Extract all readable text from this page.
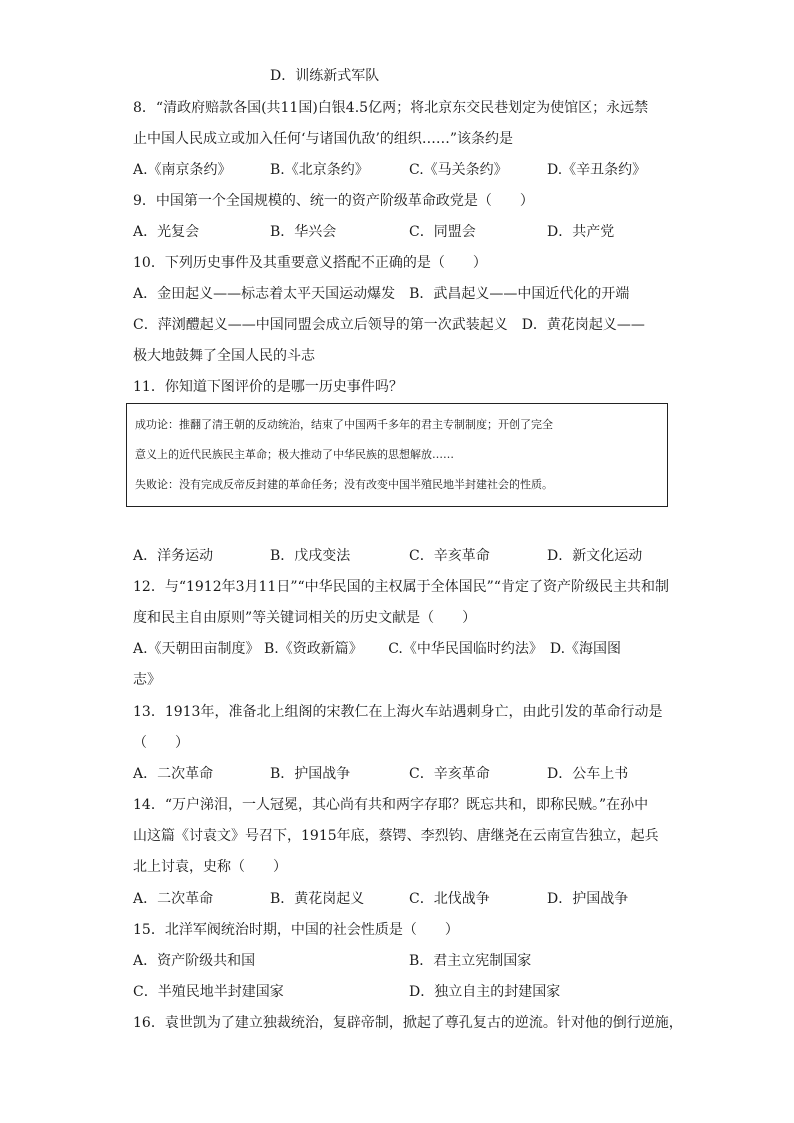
D．训练新式军队
8．“清政府赔款各国(共11国)白银4.5亿两；将北京东交民巷划定为使馆区；永远禁
止中国人民成立或加入任何‘与诸国仇敌’的组织……”该条约是
A.《南京条约》	B.《北京条约》	C.《马关条约》	D.《辛丑条约》
9．中国第一个全国规模的、统一的资产阶级革命政党是（　　）
A．光复会	B．华兴会	C．同盟会	D．共产党
10．下列历史事件及其重要意义搭配不正确的是（　　）
A．金田起义——标志着太平天国运动爆发　B．武昌起义——中国近代化的开端
C．萍浏醴起义——中国同盟会成立后领导的第一次武装起义　D．黄花岗起义——
极大地鼓舞了全国人民的斗志
11．你知道下图评价的是哪一历史事件吗？
成功论：推翻了清王朝的反动统治，结束了中国两千多年的君主专制制度；开创了完全
意义上的近代民族民主革命；极大推动了中华民族的思想解放……
失败论：没有完成反帝反封建的革命任务；没有改变中国半殖民地半封建社会的性质。
A．洋务运动	B．戊戌变法	C．辛亥革命	D．新文化运动
12．与“1912年3月11日”“中华民国的主权属于全体国民”“肯定了资产阶级民主共和制
度和民主自由原则”等关键词相关的历史文献是（　　）
A.《天朝田亩制度》 B.《资政新篇》　　 C.《中华民国临时约法》　D.《海国图
志》
13．1913年，准备北上组阁的宋教仁在上海火车站遇刺身亡，由此引发的革命行动是
（　　）
A．二次革命	B．护国战争	C．辛亥革命	D．公车上书
14．“万户涕泪，一人冠冕，其心尚有共和两字存耶？既忘共和，即称民贼。”在孙中
山这篇《讨袁文》号召下，1915年底，蔡锷、李烈钧、唐继尧在云南宣告独立，起兵
北上讨袁，史称（　　）
A．二次革命	B．黄花岗起义	C．北伐战争	D．护国战争
15．北洋军阀统治时期，中国的社会性质是（　　）
A．资产阶级共和国	B．君主立宪制国家
C．半殖民地半封建国家	D．独立自主的封建国家
16．袁世凯为了建立独裁统治，复辟帝制，掀起了尊孔复古的逆流。针对他的倒行逆施，
